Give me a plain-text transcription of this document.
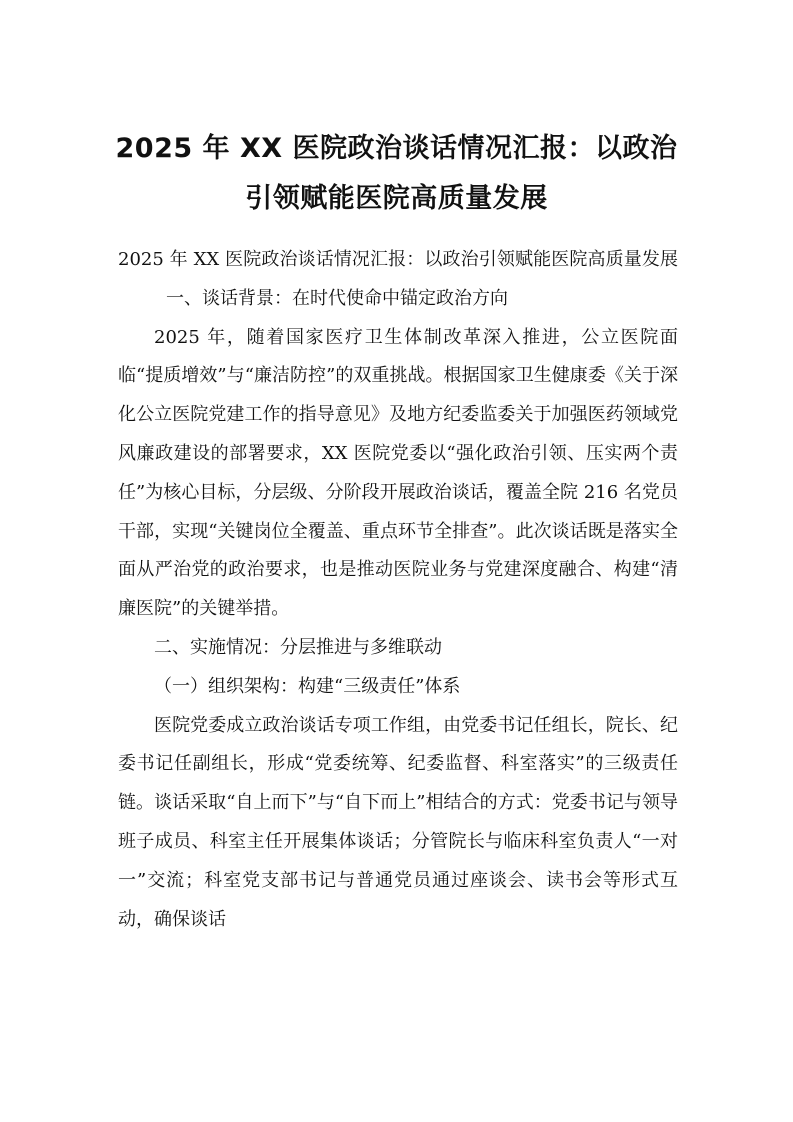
2025 年 XX 医院政治谈话情况汇报：以政治
引领赋能医院高质量发展

2025 年 XX 医院政治谈话情况汇报：以政治引领赋能医院高质量发展一、谈话背景：在时代使命中锚定政治方向

2025 年，随着国家医疗卫生体制改革深入推进，公立医院面临“提质增效”与“廉洁防控”的双重挑战。根据国家卫生健康委《关于深化公立医院党建工作的指导意见》及地方纪委监委关于加强医药领域党风廉政建设的部署要求，XX 医院党委以“强化政治引领、压实两个责任”为核心目标，分层级、分阶段开展政治谈话，覆盖全院 216 名党员干部，实现“关键岗位全覆盖、重点环节全排查”。此次谈话既是落实全面从严治党的政治要求，也是推动医院业务与党建深度融合、构建“清廉医院”的关键举措。

二、实施情况：分层推进与多维联动

（一）组织架构：构建“三级责任”体系

医院党委成立政治谈话专项工作组，由党委书记任组长，院长、纪委书记任副组长，形成“党委统筹、纪委监督、科室落实”的三级责任链。谈话采取“自上而下”与“自下而上”相结合的方式：党委书记与领导班子成员、科室主任开展集体谈话；分管院长与临床科室负责人“一对一”交流；科室党支部书记与普通党员通过座谈会、读书会等形式互动，确保谈话
